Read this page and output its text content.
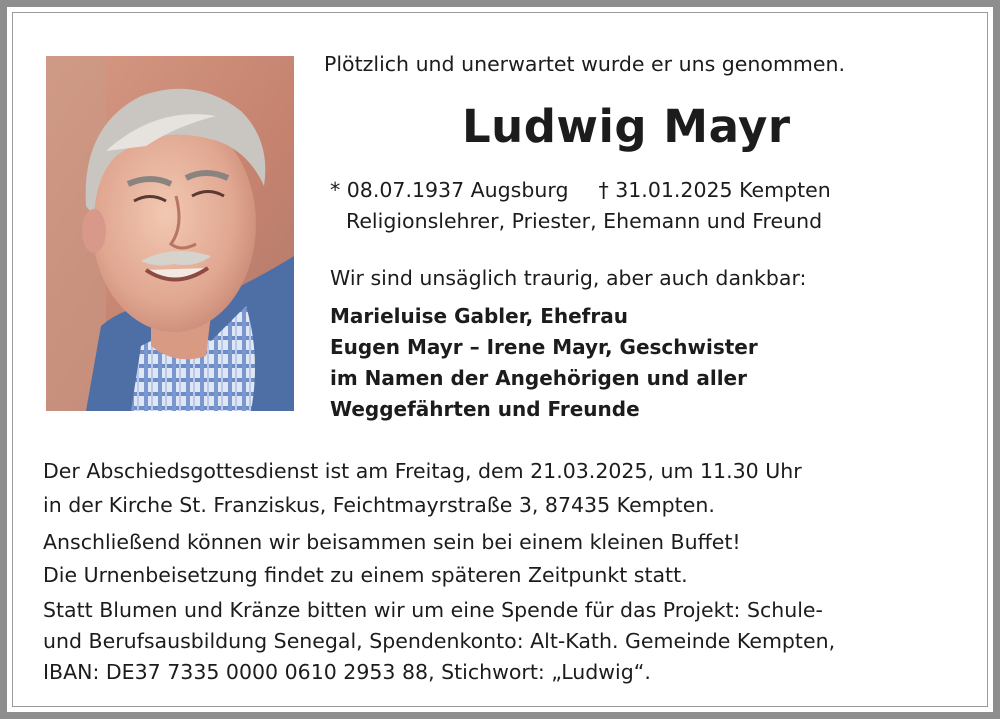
Plötzlich und unerwartet wurde er uns genommen.
Ludwig Mayr
* 08.07.1937 Augsburg † 31.01.2025 Kempten
Religionslehrer, Priester, Ehemann und Freund
Wir sind unsäglich traurig, aber auch dankbar:
Marieluise Gabler, Ehefrau
Eugen Mayr – Irene Mayr, Geschwister
im Namen der Angehörigen und aller
Weggefährten und Freunde
Der Abschiedsgottesdienst ist am Freitag, dem 21.03.2025, um 11.30 Uhr
in der Kirche St. Franziskus, Feichtmayrstraße 3, 87435 Kempten.
Anschließend können wir beisammen sein bei einem kleinen Buffet!
Die Urnenbeisetzung findet zu einem späteren Zeitpunkt statt.
Statt Blumen und Kränze bitten wir um eine Spende für das Projekt: Schule-
und Berufsausbildung Senegal, Spendenkonto: Alt-Kath. Gemeinde Kempten,
IBAN: DE37 7335 0000 0610 2953 88, Stichwort: „Ludwig“.
